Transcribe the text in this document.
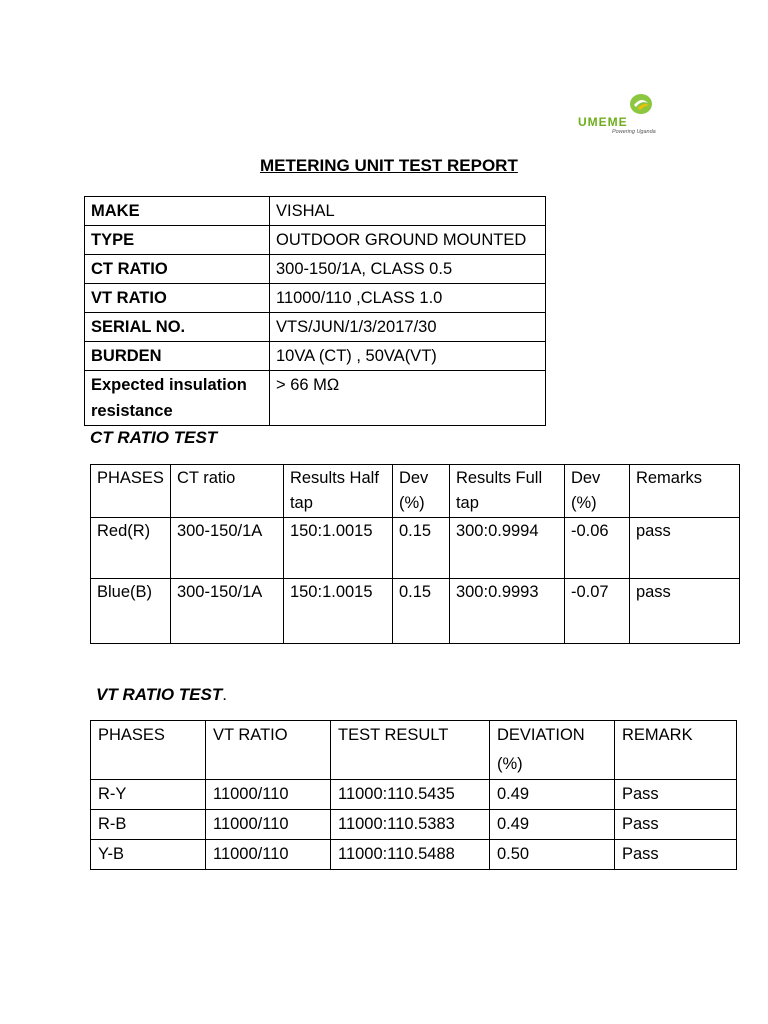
UMEME
Powering Uganda
METERING UNIT TEST REPORT
MAKE	VISHAL
TYPE	OUTDOOR GROUND MOUNTED
CT RATIO	300-150/1A, CLASS 0.5
VT RATIO	11000/110 ,CLASS 1.0
SERIAL NO.	VTS/JUN/1/3/2017/30
BURDEN	10VA (CT) , 50VA(VT)
Expected insulation resistance	> 66 MΩ
CT RATIO TEST
PHASES	CT ratio	Results Half tap	Dev (%)	Results Full tap	Dev (%)	Remarks
Red(R)	300-150/1A	150:1.0015	0.15	300:0.9994	-0.06	pass
Blue(B)	300-150/1A	150:1.0015	0.15	300:0.9993	-0.07	pass
VT RATIO TEST.
PHASES	VT RATIO	TEST RESULT	DEVIATION (%)	REMARK
R-Y	11000/110	11000:110.5435	0.49	Pass
R-B	11000/110	11000:110.5383	0.49	Pass
Y-B	11000/110	11000:110.5488	0.50	Pass
